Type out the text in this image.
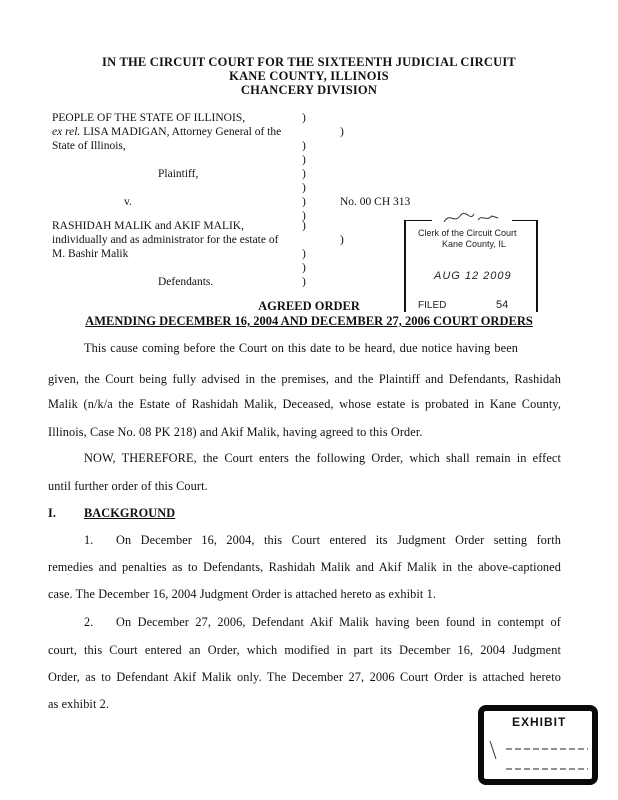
IN THE CIRCUIT COURT FOR THE SIXTEENTH JUDICIAL CIRCUIT
KANE COUNTY, ILLINOIS
CHANCERY DIVISION
PEOPLE OF THE STATE OF ILLINOIS,
ex rel. LISA MADIGAN, Attorney General of the
State of Illinois,
Plaintiff,
v.
RASHIDAH MALIK and AKIF MALIK,
individually and as administrator for the estate of
M. Bashir Malik
Defendants.
No. 00 CH 313
)
)
)
)
)
)
)
)
)
)
)
)
)
Clerk of the Circuit Court
Kane County, IL
AUG 12 2009
FILED	54
AGREED ORDER
AMENDING DECEMBER 16, 2004 AND DECEMBER 27, 2006 COURT ORDERS
This cause coming before the Court on this date to be heard, due notice having been
given, the Court being fully advised in the premises, and the Plaintiff and Defendants, Rashidah
Malik (n/k/a the Estate of Rashidah Malik, Deceased, whose estate is probated in Kane County,
Illinois, Case No. 08 PK 218) and Akif Malik, having agreed to this Order.
NOW, THEREFORE, the Court enters the following Order, which shall remain in effect
until further order of this Court.
I. BACKGROUND
1. On December 16, 2004, this Court entered its Judgment Order setting forth
remedies and penalties as to Defendants, Rashidah Malik and Akif Malik in the above-captioned
case. The December 16, 2004 Judgment Order is attached hereto as exhibit 1.
2. On December 27, 2006, Defendant Akif Malik having been found in contempt of
court, this Court entered an Order, which modified in part its December 16, 2004 Judgment
Order, as to Defendant Akif Malik only. The December 27, 2006 Court Order is attached hereto
as exhibit 2.
EXHIBIT
